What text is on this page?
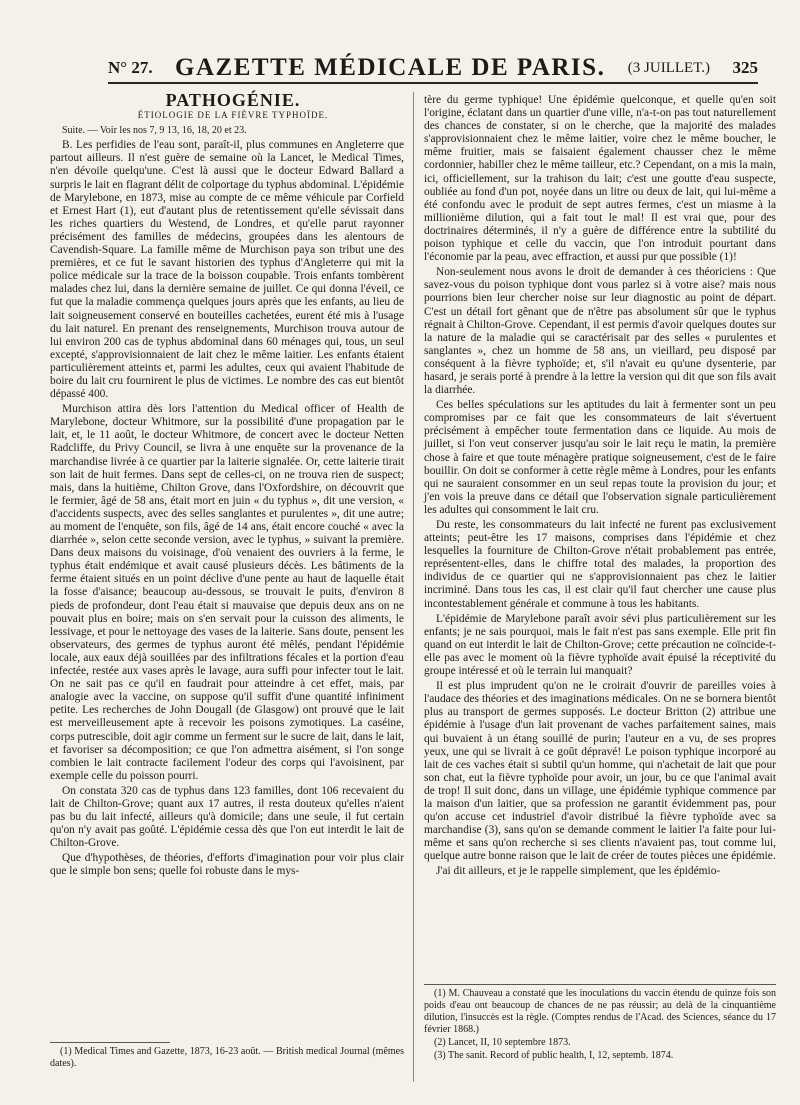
N° 27. GAZETTE MÉDICALE DE PARIS. (3 JUILLET.) 325

PATHOGÉNIE.

ÉTIOLOGIE DE LA FIÈVRE TYPHOÏDE.

Suite. — Voir les nos 7, 9 13, 16, 18, 20 et 23.

B. Les perfidies de l'eau sont, paraît-il, plus communes en Angleterre que partout ailleurs. Il n'est guère de semaine où la Lancet, le Medical Times, n'en dévoile quelqu'une. C'est là aussi que le docteur Edward Ballard a surpris le lait en flagrant délit de colportage du typhus abdominal. L'épidémie de Marylebone, en 1873, mise au compte de ce même véhicule par Corfield et Ernest Hart (1), eut d'autant plus de retentissement qu'elle sévissait dans les riches quartiers du Westend, de Londres, et qu'elle parut rayonner précisément des familles de médecins, groupées dans les alentours de Cavendish-Square. La famille même de Murchison paya son tribut une des premières, et ce fut le savant historien des typhus d'Angleterre qui mit la police médicale sur la trace de la boisson coupable. Trois enfants tombèrent malades chez lui, dans la dernière semaine de juillet. Ce qui donna l'éveil, ce fut que la maladie commença quelques jours après que les enfants, au lieu de lait soigneusement conservé en bouteilles cachetées, eurent été mis à l'usage du lait naturel. En prenant des renseignements, Murchison trouva autour de lui environ 200 cas de typhus abdominal dans 60 ménages qui, tous, un seul excepté, s'approvisionnaient de lait chez le même laitier. Les enfants étaient particulièrement atteints et, parmi les adultes, ceux qui avaient l'habitude de boire du lait cru fournirent le plus de victimes. Le nombre des cas eut bientôt dépassé 400.

Murchison attira dès lors l'attention du Medical officer of Health de Marylebone, docteur Whitmore, sur la possibilité d'une propagation par le lait, et, le 11 août, le docteur Whitmore, de concert avec le docteur Netten Radcliffe, du Privy Council, se livra à une enquête sur la provenance de la marchandise livrée à ce quartier par la laiterie signalée. Or, cette laiterie tirait son lait de huit fermes. Dans sept de celles-ci, on ne trouva rien de suspect; mais, dans la huitième, Chilton Grove, dans l'Oxfordshire, on découvrit que le fermier, âgé de 58 ans, était mort en juin « du typhus », dit une version, « d'accidents suspects, avec des selles sanglantes et purulentes », dit une autre; au moment de l'enquête, son fils, âgé de 14 ans, était encore couché « avec la diarrhée », selon cette seconde version, avec le typhus, » suivant la première. Dans deux maisons du voisinage, d'où venaient des ouvriers à la ferme, le typhus était endémique et avait causé plusieurs décès. Les bâtiments de la ferme étaient situés en un point déclive d'une pente au haut de laquelle était la fosse d'aisance; beaucoup au-dessous, se trouvait le puits, d'environ 8 pieds de profondeur, dont l'eau était si mauvaise que depuis deux ans on ne pouvait plus en boire; mais on s'en servait pour la cuisson des aliments, le lessivage, et pour le nettoyage des vases de la laiterie. Sans doute, pensent les observateurs, des germes de typhus auront été mêlés, pendant l'épidémie locale, aux eaux déjà souillées par des infiltrations fécales et la portion d'eau infectée, restée aux vases après le lavage, aura suffi pour infecter tout le lait. On ne sait pas ce qu'il en faudrait pour atteindre à cet effet, mais, par analogie avec la vaccine, on suppose qu'il suffit d'une quantité infiniment petite. Les recherches de John Dougall (de Glasgow) ont prouvé que le lait est merveilleusement apte à recevoir les poisons zymotiques. La caséine, corps putrescible, doit agir comme un ferment sur le sucre de lait, dans le lait, et favoriser sa décomposition; ce que l'on admettra aisément, si l'on songe combien le lait contracte facilement l'odeur des corps qui l'avoisinent, par exemple celle du poisson pourri.

On constata 320 cas de typhus dans 123 familles, dont 106 recevaient du lait de Chilton-Grove; quant aux 17 autres, il resta douteux qu'elles n'aient pas bu du lait infecté, ailleurs qu'à domicile; dans une seule, il fut certain qu'on n'y avait pas goûté. L'épidémie cessa dès que l'on eut interdit le lait de Chilton-Grove.

Que d'hypothèses, de théories, d'efforts d'imagination pour voir plus clair que le simple bon sens; quelle foi robuste dans le mys-

tère du germe typhique! Une épidémie quelconque, et quelle qu'en soit l'origine, éclatant dans un quartier d'une ville, n'a-t-on pas tout naturellement des chances de constater, si on le cherche, que la majorité des malades s'approvisionnaient chez le même laitier, voire chez le même boucher, le même fruitier, mais se faisaient également chausser chez le même cordonnier, habiller chez le même tailleur, etc.? Cependant, on a mis la main, ici, officiellement, sur la trahison du lait; c'est une goutte d'eau suspecte, oubliée au fond d'un pot, noyée dans un litre ou deux de lait, qui lui-même a été confondu avec le produit de sept autres fermes, c'est un miasme à la millionième dilution, qui a fait tout le mal! Il est vrai que, pour des doctrinaires déterminés, il n'y a guère de différence entre la subtilité du poison typhique et celle du vaccin, que l'on introduit pourtant dans l'économie par la peau, avec effraction, et aussi pur que possible (1)!

Non-seulement nous avons le droit de demander à ces théoriciens : Que savez-vous du poison typhique dont vous parlez si à votre aise? mais nous pourrions bien leur chercher noise sur leur diagnostic au point de départ. C'est un détail fort gênant que de n'être pas absolument sûr que le typhus régnait à Chilton-Grove. Cependant, il est permis d'avoir quelques doutes sur la nature de la maladie qui se caractérisait par des selles « purulentes et sanglantes », chez un homme de 58 ans, un vieillard, peu disposé par conséquent à la fièvre typhoïde; et, s'il n'avait eu qu'une dysenterie, par hasard, je serais porté à prendre à la lettre la version qui dit que son fils avait la diarrhée.

Ces belles spéculations sur les aptitudes du lait à fermenter sont un peu compromises par ce fait que les consommateurs de lait s'évertuent précisément à empêcher toute fermentation dans ce liquide. Au mois de juillet, si l'on veut conserver jusqu'au soir le lait reçu le matin, la première chose à faire et que toute ménagère pratique soigneusement, c'est de le faire bouillir. On doit se conformer à cette règle même à Londres, pour les enfants qui ne sauraient consommer en un seul repas toute la provision du jour; et j'en vois la preuve dans ce détail que l'observation signale particulièrement les adultes qui consomment le lait cru.

Du reste, les consommateurs du lait infecté ne furent pas exclusivement atteints; peut-être les 17 maisons, comprises dans l'épidémie et chez lesquelles la fourniture de Chilton-Grove n'était probablement pas entrée, représentent-elles, dans le chiffre total des malades, la proportion des individus de ce quartier qui ne s'approvisionnaient pas chez le laitier incriminé. Dans tous les cas, il est clair qu'il faut chercher une cause plus incontestablement générale et commune à tous les habitants.

L'épidémie de Marylebone paraît avoir sévi plus particulièrement sur les enfants; je ne sais pourquoi, mais le fait n'est pas sans exemple. Elle prit fin quand on eut interdit le lait de Chilton-Grove; cette précaution ne coïncide-t-elle pas avec le moment où la fièvre typhoïde avait épuisé la réceptivité du groupe intéressé et où le terrain lui manquait?

Il est plus imprudent qu'on ne le croirait d'ouvrir de pareilles voies à l'audace des théories et des imaginations médicales. On ne se bornera bientôt plus au transport de germes supposés. Le docteur Britton (2) attribue une épidémie à l'usage d'un lait provenant de vaches parfaitement saines, mais qui buvaient à un étang souillé de purin; l'auteur en a vu, de ses propres yeux, une qui se livrait à ce goût dépravé! Le poison typhique incorporé au lait de ces vaches était si subtil qu'un homme, qui n'achetait de lait que pour son chat, eut la fièvre typhoïde pour avoir, un jour, bu ce que l'animal avait de trop! Il suit donc, dans un village, une épidémie typhique commence par la maison d'un laitier, que sa profession ne garantit évidemment pas, pour qu'on accuse cet industriel d'avoir distribué la fièvre typhoïde avec sa marchandise (3), sans qu'on se demande comment le laitier l'a faite pour lui-même et sans qu'on recherche si ses clients n'avaient pas, tout comme lui, quelque autre bonne raison que le lait de créer de toutes pièces une épidémie.

J'ai dit ailleurs, et je le rappelle simplement, que les épidémio-

(1) Medical Times and Gazette, 1873, 16-23 août. — British medical Journal (mêmes dates).

(1) M. Chauveau a constaté que les inoculations du vaccin étendu de quinze fois son poids d'eau ont beaucoup de chances de ne pas réussir; au delà de la cinquantième dilution, l'insuccès est la règle. (Comptes rendus de l'Acad. des Sciences, séance du 17 février 1868.)

(2) Lancet, II, 10 septembre 1873.

(3) The sanit. Record of public health, I, 12, septemb. 1874.
